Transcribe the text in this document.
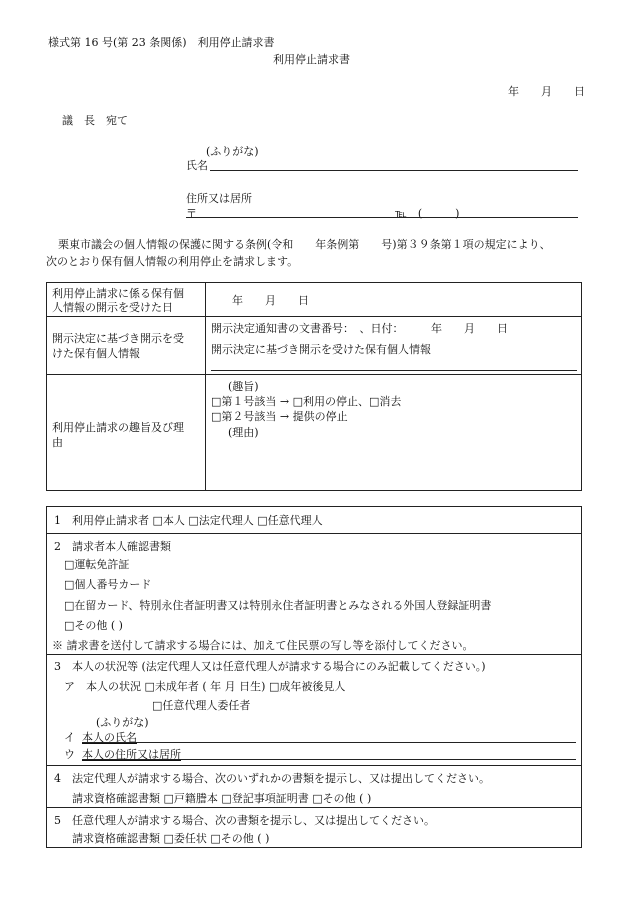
様式第 16 号(第 23 条関係)　利用停止請求書
利用停止請求書
年　　月　　日
議　長　宛て
(ふりがな)
氏名
住所又は居所
〒	℡　(　　　)
栗東市議会の個人情報の保護に関する条例(令和　　年条例第　　号)第３９条第１項の規定により、
次のとおり保有個人情報の利用停止を請求します。
利用停止請求に係る保有個
人情報の開示を受けた日
年　　月　　日
開示決定に基づき開示を受
けた保有個人情報
開示決定通知書の文書番号：　、日付：　　　年　　月　　日
開示決定に基づき開示を受けた保有個人情報
利用停止請求の趣旨及び理
由
(趣旨)
□第１号該当 → □利用の停止、□消去
□第２号該当 → 提供の停止
(理由)
1　利用停止請求者 □本人 □法定代理人 □任意代理人
2　請求者本人確認書類
□運転免許証
□個人番号カード
□在留カード、特別永住者証明書又は特別永住者証明書とみなされる外国人登録証明書
□その他 ( )
※ 請求書を送付して請求する場合には、加えて住民票の写し等を添付してください。
3　本人の状況等 (法定代理人又は任意代理人が請求する場合にのみ記載してください。)
ア　本人の状況 □未成年者 ( 年 月 日生) □成年被後見人
□任意代理人委任者
(ふりがな)
イ 本人の氏名
ウ 本人の住所又は居所
4　法定代理人が請求する場合、次のいずれかの書類を提示し、又は提出してください。
請求資格確認書類 □戸籍謄本 □登記事項証明書 □その他 ( )
5　任意代理人が請求する場合、次の書類を提示し、又は提出してください。
請求資格確認書類 □委任状 □その他 ( )
